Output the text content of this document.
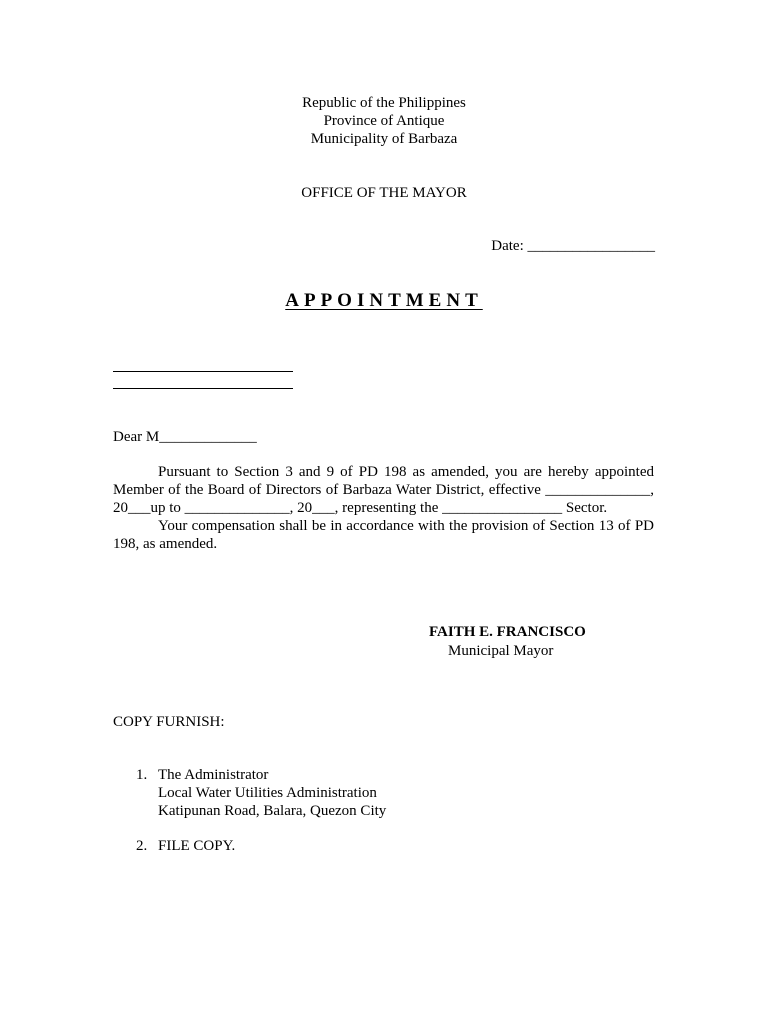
Republic of the Philippines
Province of Antique
Municipality of Barbaza
OFFICE OF THE MAYOR
Date: _________________
APPOINTMENT
Dear M_____________
Pursuant to Section 3 and 9 of PD 198 as amended, you are hereby appointed
Member of the Board of Directors of Barbaza Water District, effective ______________,
20___up to ______________, 20___, representing the ________________ Sector.
Your compensation shall be in accordance with the provision of Section 13 of PD
198, as amended.
FAITH E. FRANCISCO
Municipal Mayor
COPY FURNISH:
1. The Administrator
Local Water Utilities Administration
Katipunan Road, Balara, Quezon City
2. FILE COPY.
